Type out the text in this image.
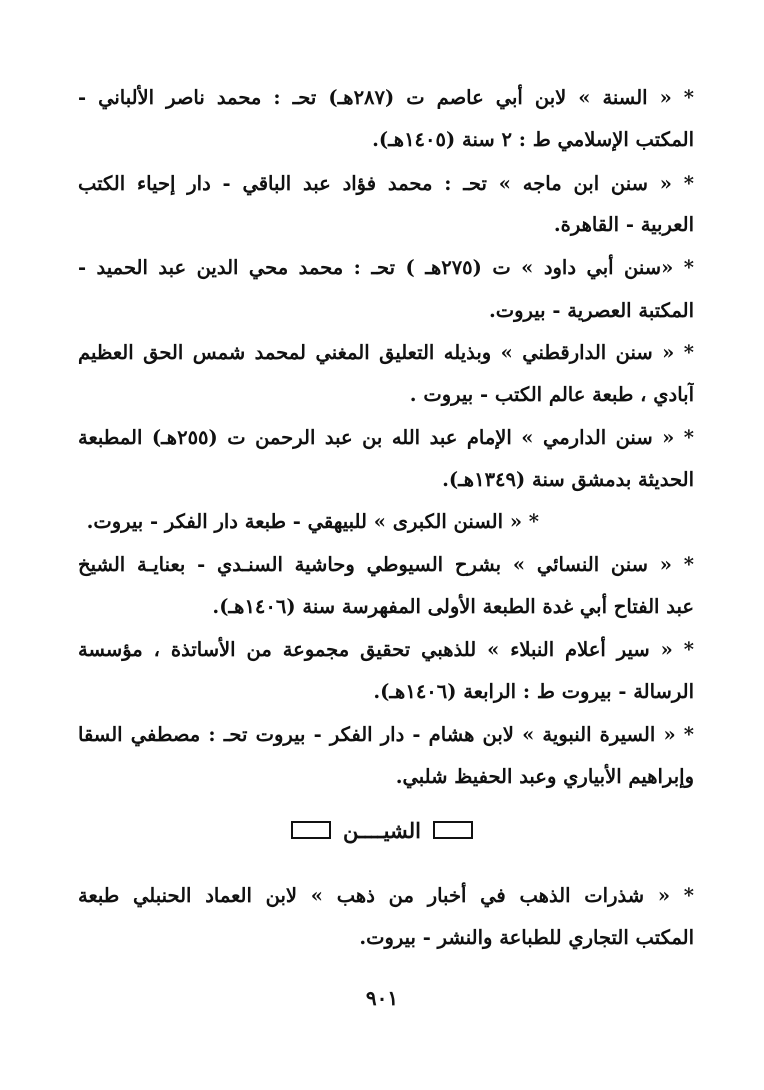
* « السنة » لابن أبي عاصم ت (٢٨٧هـ) تحـ : محمد ناصر الألباني -
المكتب الإسلامي ط : ٢ سنة (١٤٠٥هـ).
* « سنن ابن ماجه » تحـ : محمد فؤاد عبد الباقي - دار إحياء الكتب
العربية - القاهرة.
* «سنن أبي داود » ت (٢٧٥هـ ) تحـ : محمد محي الدين عبد الحميد -
المكتبة العصرية - بيروت.
* « سنن الدارقطني » وبذيله التعليق المغني لمحمد شمس الحق العظيم
آبادي ، طبعة عالم الكتب - بيروت .
* « سنن الدارمي » الإمام عبد الله بن عبد الرحمن ت (٢٥٥هـ) المطبعة
الحديثة بدمشق سنة (١٣٤٩هـ).
* « السنن الكبرى » للبيهقي - طبعة دار الفكر - بيروت.
* « سنن النسائي » بشرح السيوطي وحاشية السنـدي - بعنايـة الشيخ
عبد الفتاح أبي غدة الطبعة الأولى المفهرسة سنة (١٤٠٦هـ).
* « سير أعلام النبلاء » للذهبي تحقيق مجموعة من الأساتذة ، مؤسسة
الرسالة - بيروت ط : الرابعة (١٤٠٦هـ).
* « السيرة النبوية » لابن هشام - دار الفكر - بيروت تحـ : مصطفي السقا
وإبراهيم الأبياري وعبد الحفيظ شلبي.
الشيــــن
* « شذرات الذهب في أخبار من ذهب » لابن العماد الحنبلي طبعة
المكتب التجاري للطباعة والنشر - بيروت.
٩٠١
